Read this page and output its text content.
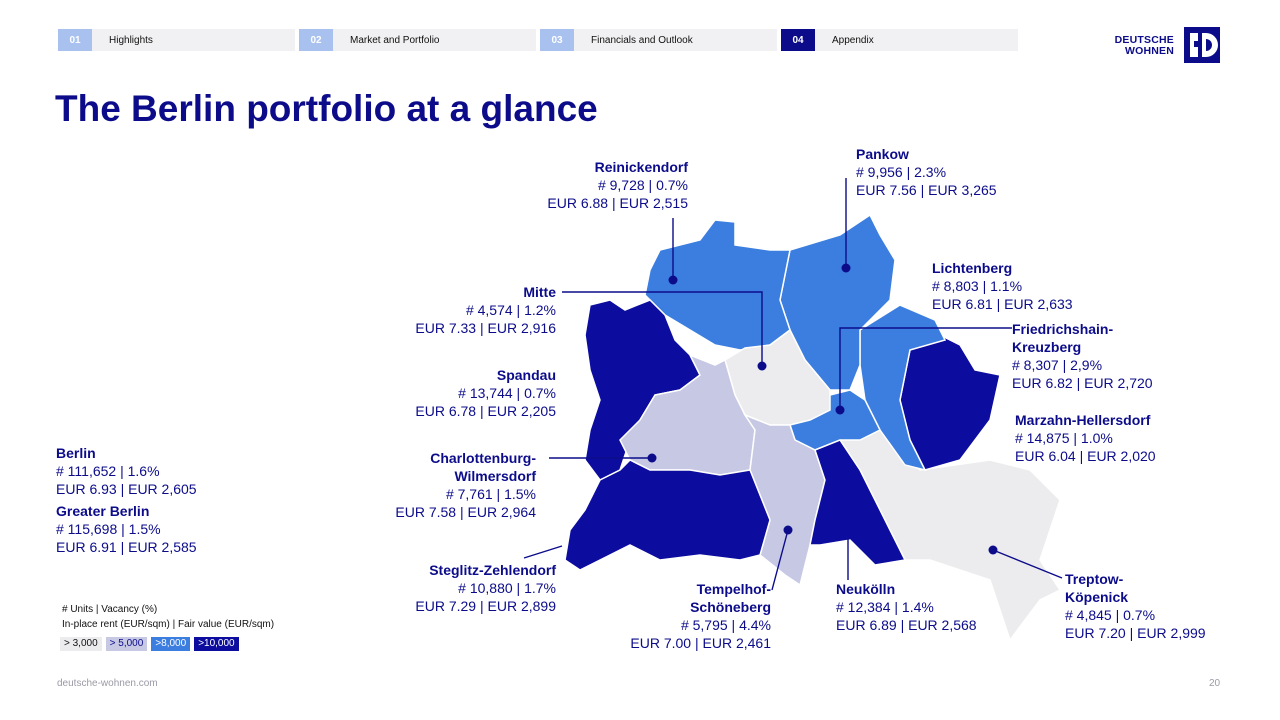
01	Highlights	02	Market and Portfolio	03	Financials and Outlook	04	Appendix	DEUTSCHE
WOHNEN
The Berlin portfolio at a glance
Berlin
# 111,652 | 1.6%
EUR 6.93 | EUR 2,605
Greater Berlin
# 115,698 | 1.5%
EUR 6.91 | EUR 2,585
Reinickendorf
# 9,728 | 0.7%
EUR 6.88 | EUR 2,515
Pankow
# 9,956 | 2.3%
EUR 7.56 | EUR 3,265
Lichtenberg
# 8,803 | 1.1%
EUR 6.81 | EUR 2,633
Mitte
# 4,574 | 1.2%
EUR 7.33 | EUR 2,916	Friedrichshain-
Kreuzberg
# 8,307 | 2,9%
EUR 6.82 | EUR 2,720
Spandau
# 13,744 | 0.7%
EUR 6.78 | EUR 2,205
Marzahn-Hellersdorf
# 14,875 | 1.0%
EUR 6.04 | EUR 2,020
Charlottenburg-
Wilmersdorf
# 7,761 | 1.5%
EUR 7.58 | EUR 2,964
Steglitz-Zehlendorf
# 10,880 | 1.7%
EUR 7.29 | EUR 2,899
Tempelhof-
Schöneberg
# 5,795 | 4.4%
EUR 7.00 | EUR 2,461
Neukölln
# 12,384 | 1.4%
EUR 6.89 | EUR 2,568
Treptow-
Köpenick
# 4,845 | 0.7%
EUR 7.20 | EUR 2,999
# Units | Vacancy (%)
In-place rent (EUR/sqm) | Fair value (EUR/sqm)
> 3,000	> 5,000	>8,000	>10,000
deutsche-wohnen.com	20
